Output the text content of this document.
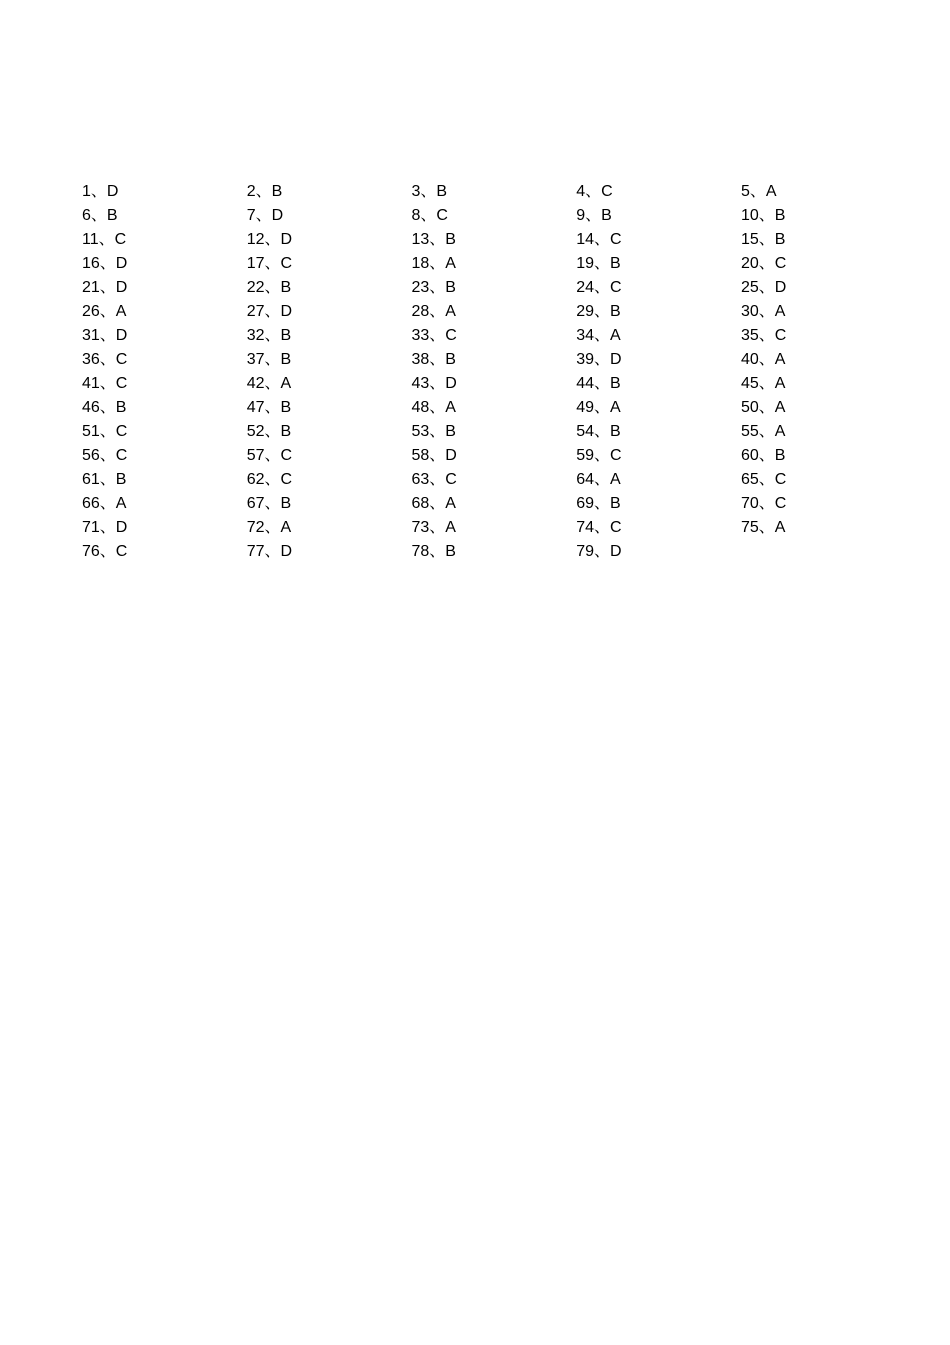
1、D	2、B	3、B	4、C	5、A
6、B	7、D	8、C	9、B	10、B
11、C	12、D	13、B	14、C	15、B
16、D	17、C	18、A	19、B	20、C
21、D	22、B	23、B	24、C	25、D
26、A	27、D	28、A	29、B	30、A
31、D	32、B	33、C	34、A	35、C
36、C	37、B	38、B	39、D	40、A
41、C	42、A	43、D	44、B	45、A
46、B	47、B	48、A	49、A	50、A
51、C	52、B	53、B	54、B	55、A
56、C	57、C	58、D	59、C	60、B
61、B	62、C	63、C	64、A	65、C
66、A	67、B	68、A	69、B	70、C
71、D	72、A	73、A	74、C	75、A
76、C	77、D	78、B	79、D
